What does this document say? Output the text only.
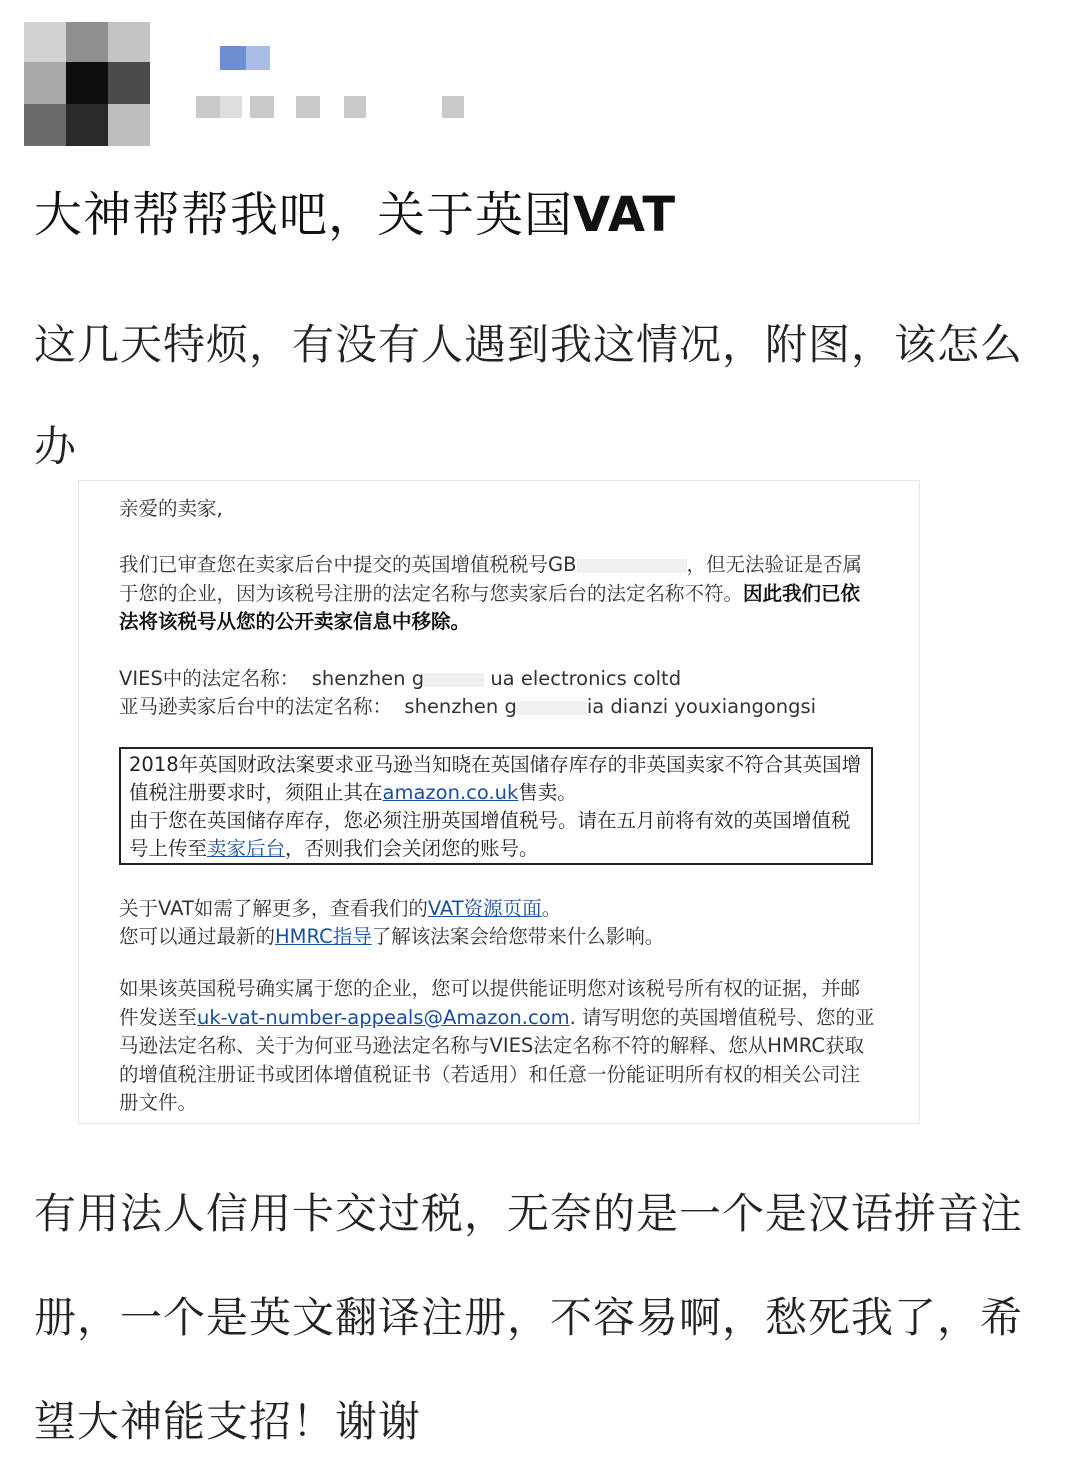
大神帮帮我吧，关于英国VAT

这几天特烦，有没有人遇到我这情况，附图，该怎么办

亲爱的卖家,

我们已审查您在卖家后台中提交的英国增值税税号GB	，但无法验证是否属于您的企业，因为该税号注册的法定名称与您卖家后台的法定名称不符。因此我们已依法将该税号从您的公开卖家信息中移除。

VIES中的法定名称： shenzhen g	ua electronics coltd

亚马逊卖家后台中的法定名称： shenzhen g	ia dianzi youxiangongsi

2018年英国财政法案要求亚马逊当知晓在英国储存库存的非英国卖家不符合其英国增值税注册要求时，须阻止其在amazon.co.uk售卖。

由于您在英国储存库存，您必须注册英国增值税号。请在五月前将有效的英国增值税号上传至卖家后台，否则我们会关闭您的账号。

关于VAT如需了解更多，查看我们的VAT资源页面。

您可以通过最新的HMRC指导了解该法案会给您带来什么影响。

如果该英国税号确实属于您的企业，您可以提供能证明您对该税号所有权的证据，并邮件发送至uk-vat-number-appeals@Amazon.com. 请写明您的英国增值税号、您的亚马逊法定名称、关于为何亚马逊法定名称与VIES法定名称不符的解释、您从HMRC获取的增值税注册证书或团体增值税证书（若适用）和任意一份能证明所有权的相关公司注册文件。

有用法人信用卡交过税，无奈的是一个是汉语拼音注册，一个是英文翻译注册，不容易啊，愁死我了，希望大神能支招！谢谢
